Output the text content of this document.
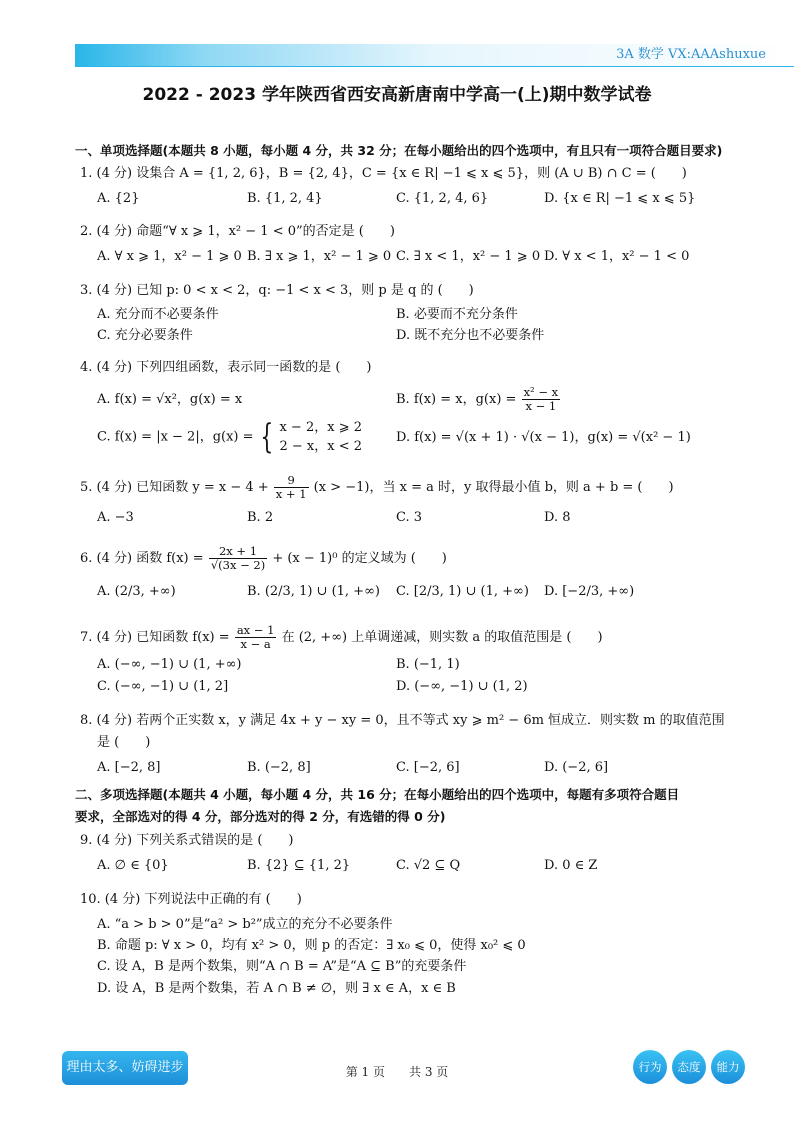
3A 数学 VX:AAAshuxue
2022 - 2023 学年陕西省西安高新唐南中学高一(上)期中数学试卷
一、单项选择题(本题共 8 小题，每小题 4 分，共 32 分；在每小题给出的四个选项中，有且只有一项符合题目要求)
1. (4 分) 设集合 A = {1, 2, 6}，B = {2, 4}，C = {x ∈ R| −1 ⩽ x ⩽ 5}，则 (A ∪ B) ∩ C = (　　)
A. {2}	B. {1, 2, 4}	C. {1, 2, 4, 6}	D. {x ∈ R| −1 ⩽ x ⩽ 5}
2. (4 分) 命题“∀ x ⩾ 1，x² − 1 < 0”的否定是 (　　)
A. ∀ x ⩾ 1，x² − 1 ⩾ 0 B. ∃ x ⩾ 1，x² − 1 ⩾ 0 C. ∃ x < 1，x² − 1 ⩾ 0 D. ∀ x < 1，x² − 1 < 0
3. (4 分) 已知 p: 0 < x < 2，q: −1 < x < 3，则 p 是 q 的 (　　)
A. 充分而不必要条件	B. 必要而不充分条件
C. 充分必要条件	D. 既不充分也不必要条件
4. (4 分) 下列四组函数，表示同一函数的是 (　　)
A. f(x) = √x²，g(x) = x	B. f(x) = x，$g(x) = \frac{\text{x² − x}}{x - 1}$
C. f(x) = |x − 2|，g(x) = { x − 2，x ⩾ 2
2 − x，x < 2
D. f(x) = √(x + 1) · √(x − 1)，g(x) = √(x² − 1)
5. (4 分) 已知函数 $y = x - 4 + \frac{9}{x + 1} (x > -1)$，当 x = a 时，y 取得最小值 b，则 a + b = (　　)
A. −3	B. 2	C. 3	D. 8
6. (4 分) 函数 $f(x) = \frac{2x + 1}{√(3x - 2)} + (x - 1)^0$ 的定义域为 (　　)
A. (2/3, +∞)	B. (2/3, 1) ∪ (1, +∞) C. [2/3, 1) ∪ (1, +∞) D. [−2/3, +∞)
7. (4 分) 已知函数 $f(x) = \frac{ax - 1}{x - a}$ 在 (2, +∞) 上单调递减，则实数 a 的取值范围是 (　　)
A. (−∞, −1) ∪ (1, +∞)	B. (−1, 1)
C. (−∞, −1) ∪ (1, 2]	D. (−∞, −1) ∪ (1, 2)
8. (4 分) 若两个正实数 x，y 满足 4x + y − xy = 0，且不等式 xy ⩾ m² − 6m 恒成立．则实数 m 的取值范围
是 (　　)
A. [−2, 8]	B. (−2, 8]	C. [−2, 6]	D. (−2, 6]
二、多项选择题(本题共 4 小题，每小题 4 分，共 16 分；在每小题给出的四个选项中，每题有多项符合题目
要求，全部选对的得 4 分，部分选对的得 2 分，有选错的得 0 分)
9. (4 分) 下列关系式错误的是 (　　)
A. ∅ ∈ {0}	B. {2} ⊆ {1, 2}	C. √2 ⊆ Q	D. 0 ∈ Z
10. (4 分) 下列说法中正确的有 (　　)
A. “a > b > 0”是“a² > b²”成立的充分不必要条件
B. 命题 p: ∀ x > 0，均有 x² > 0，则 p 的否定：∃ x₀ ⩽ 0，使得 x₀² ⩽ 0
C. 设 A，B 是两个数集，则“A ∩ B = A”是“A ⊆ B”的充要条件
D. 设 A，B 是两个数集，若 A ∩ B ≠ ∅，则 ∃ x ∈ A，x ∈ B
理由太多、妨碍进步	第 1 页　　共 3 页	行为	态度	能力
